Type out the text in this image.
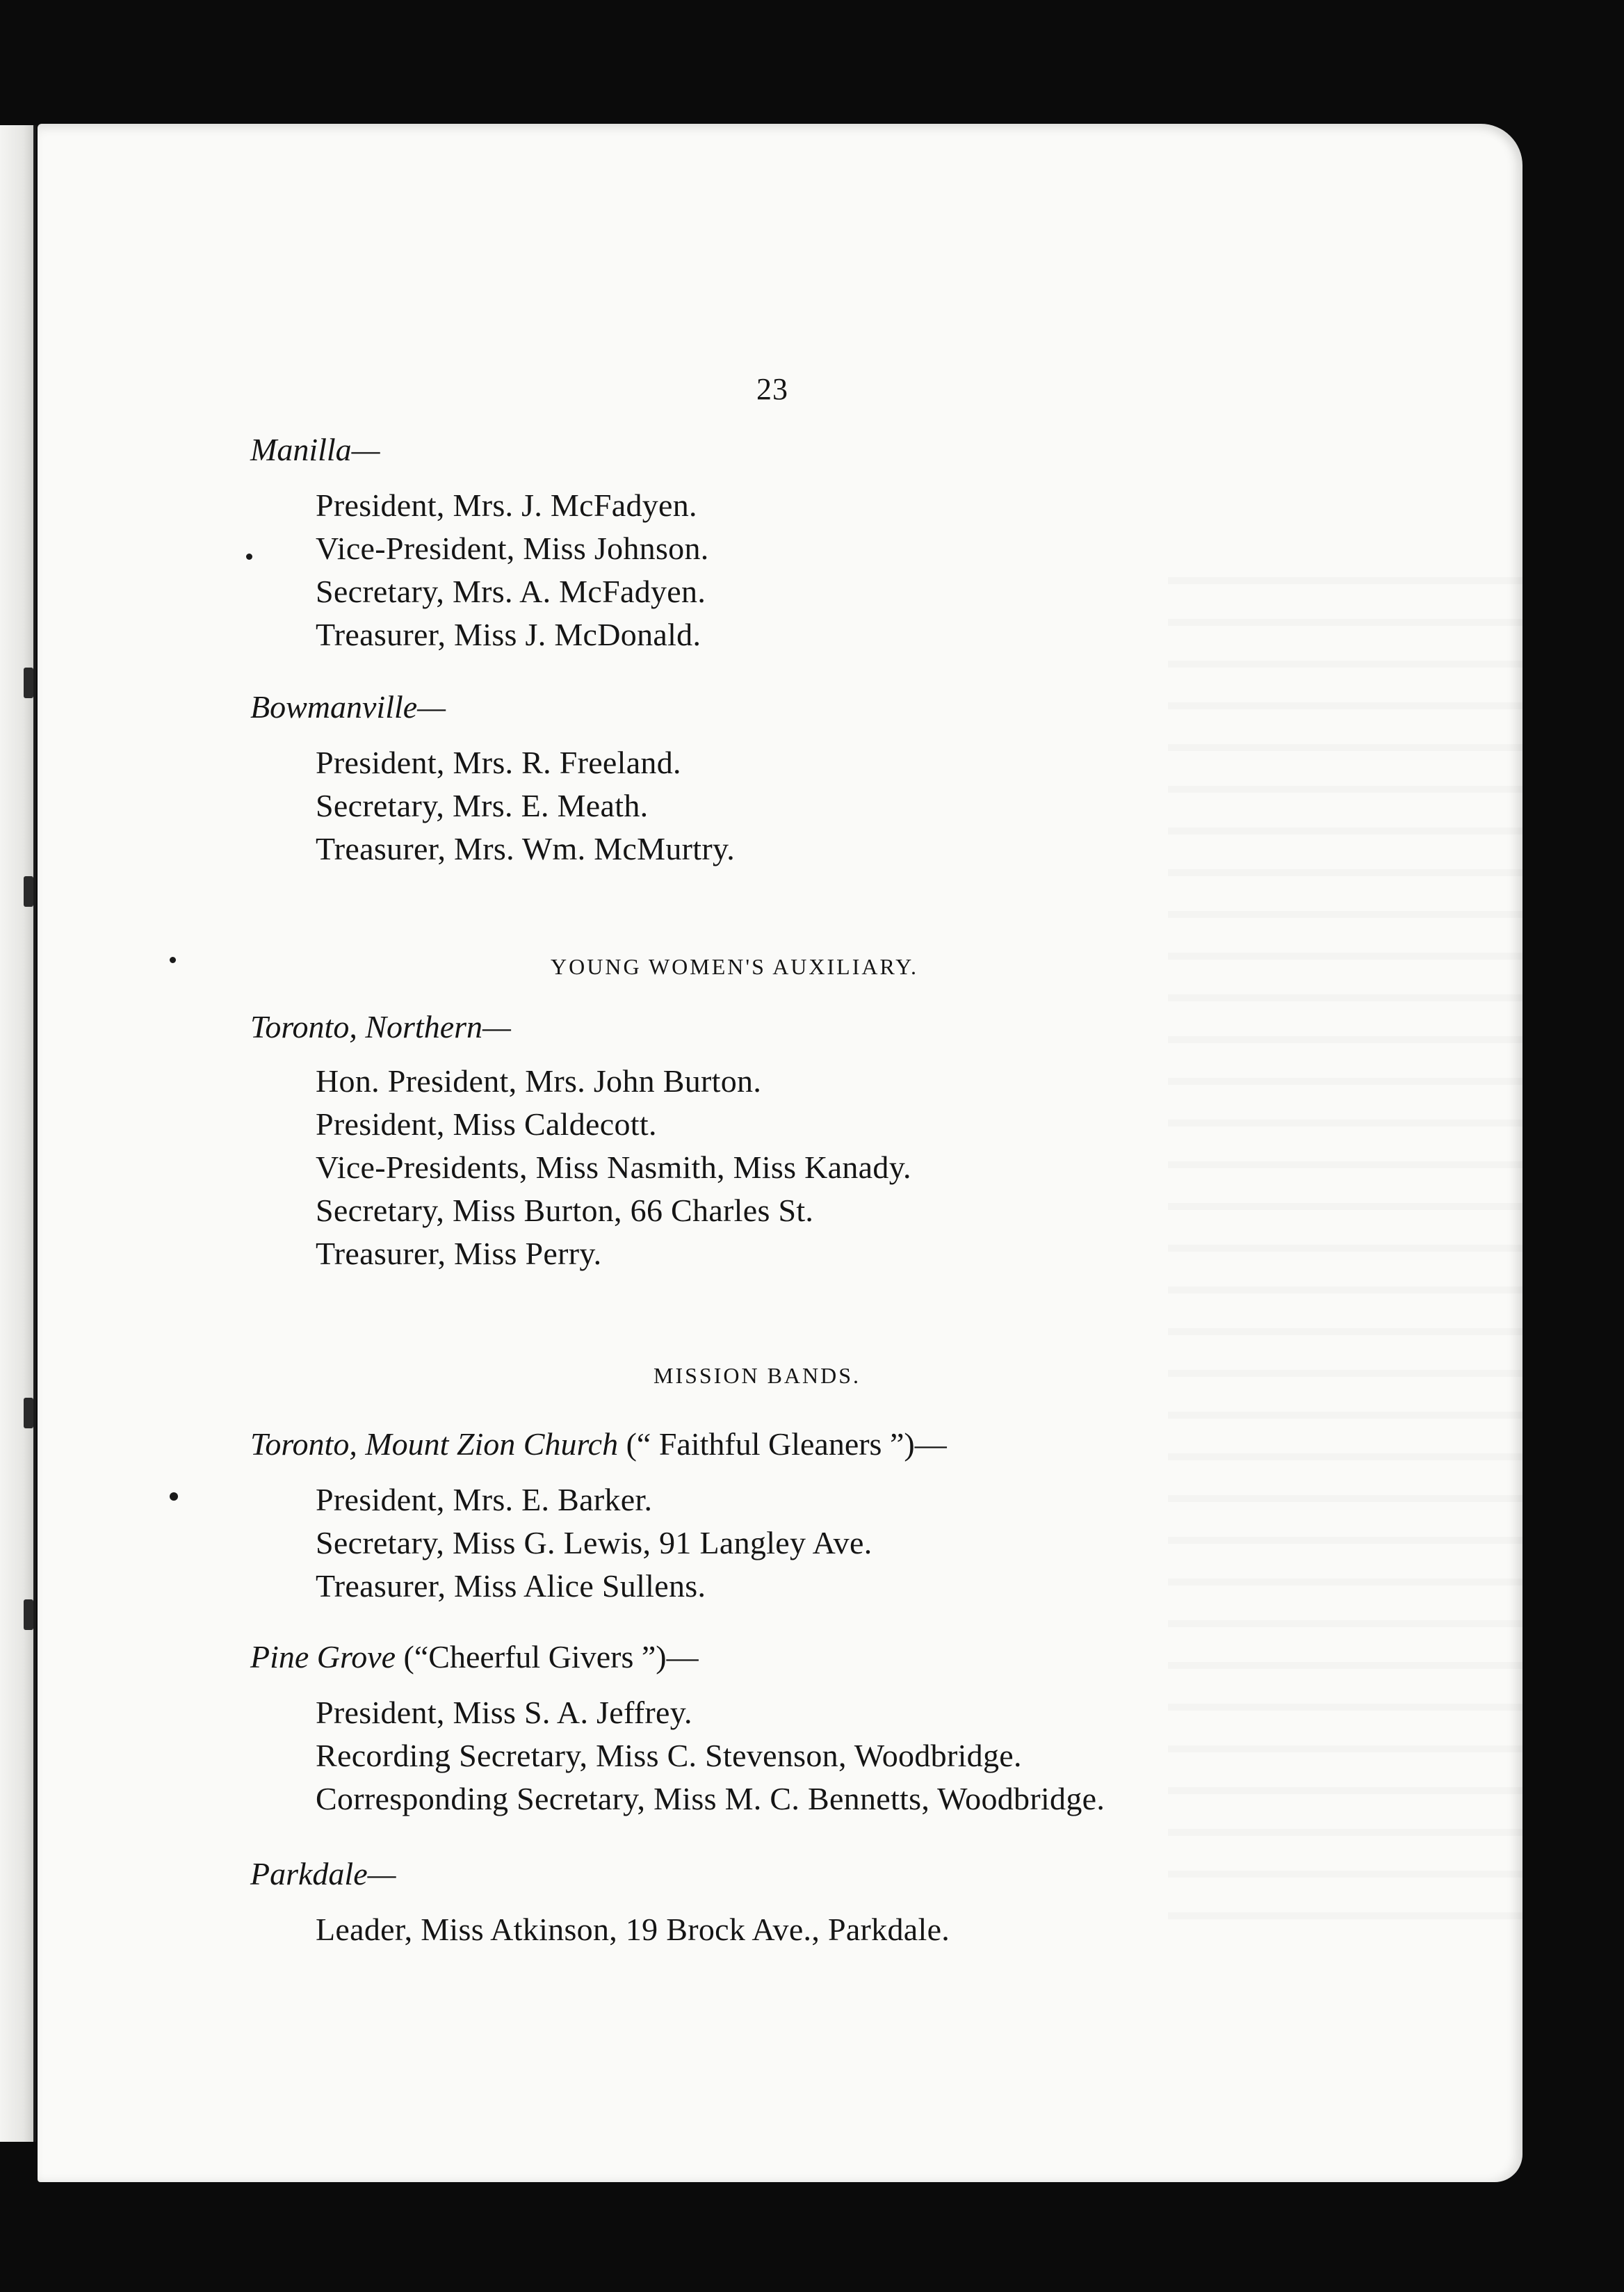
23
Manilla—
President, Mrs. J. McFadyen.
Vice-President, Miss Johnson.
Secretary, Mrs. A. McFadyen.
Treasurer, Miss J. McDonald.
Bowmanville—
President, Mrs. R. Freeland.
Secretary, Mrs. E. Meath.
Treasurer, Mrs. Wm. McMurtry.
YOUNG WOMEN'S AUXILIARY.
Toronto, Northern—
Hon. President, Mrs. John Burton.
President, Miss Caldecott.
Vice-Presidents, Miss Nasmith, Miss Kanady.
Secretary, Miss Burton, 66 Charles St.
Treasurer, Miss Perry.
MISSION BANDS.
Toronto, Mount Zion Church (“ Faithful Gleaners ”)—
President, Mrs. E. Barker.
Secretary, Miss G. Lewis, 91 Langley Ave.
Treasurer, Miss Alice Sullens.
Pine Grove (“Cheerful Givers ”)—
President, Miss S. A. Jeffrey.
Recording Secretary, Miss C. Stevenson, Woodbridge.
Corresponding Secretary, Miss M. C. Bennetts, Woodbridge.
Parkdale—
Leader, Miss Atkinson, 19 Brock Ave., Parkdale.
